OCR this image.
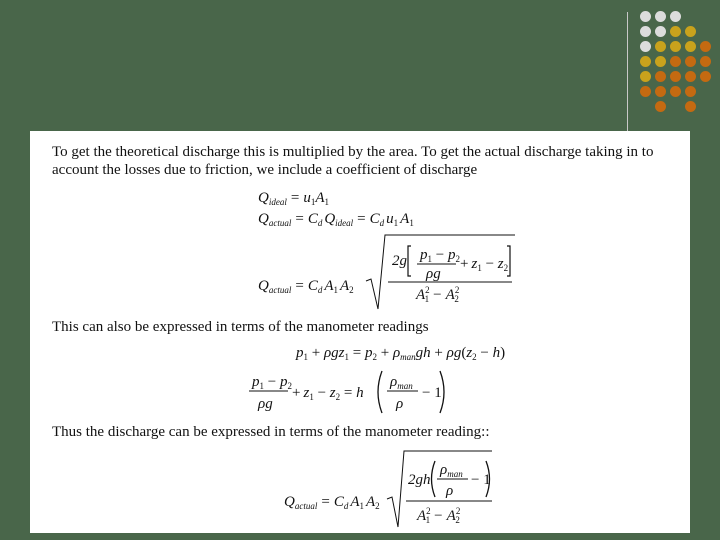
To get the theoretical discharge this is multiplied by the area. To get the actual discharge taking in to
account the losses due to friction, we include a coefficient of discharge
$Q_{ideal} = u_1A_1$
$Q_{actual} = C_d$ $Q_{ideal} = C_d$ $u_1$ $A_1$
$Q_{actual} = C_d$ $A_1$ $A_2$
2g $p_1 - p_2$
ρg
+ $z_1 - z_2$
$A^2$ $1 - A^2$ 2
This can also be expressed in terms of the manometer readings
$p_1 + \rho gz_1 = p_2 + \rho_{man}gh + \rho g(z_2 - h)$
$p_1 - p_2$
ρg
+ $z_1 - z_2 = h$
$\rho_{man}$
ρ
− 1
Thus the discharge can be expressed in terms of the manometer reading::
$Q_{actual} = C_d$ $A_1$ $A_2$
2gh
$\rho_{man}$
ρ
− 1
$A^2$ $1 - A^2$ 2
